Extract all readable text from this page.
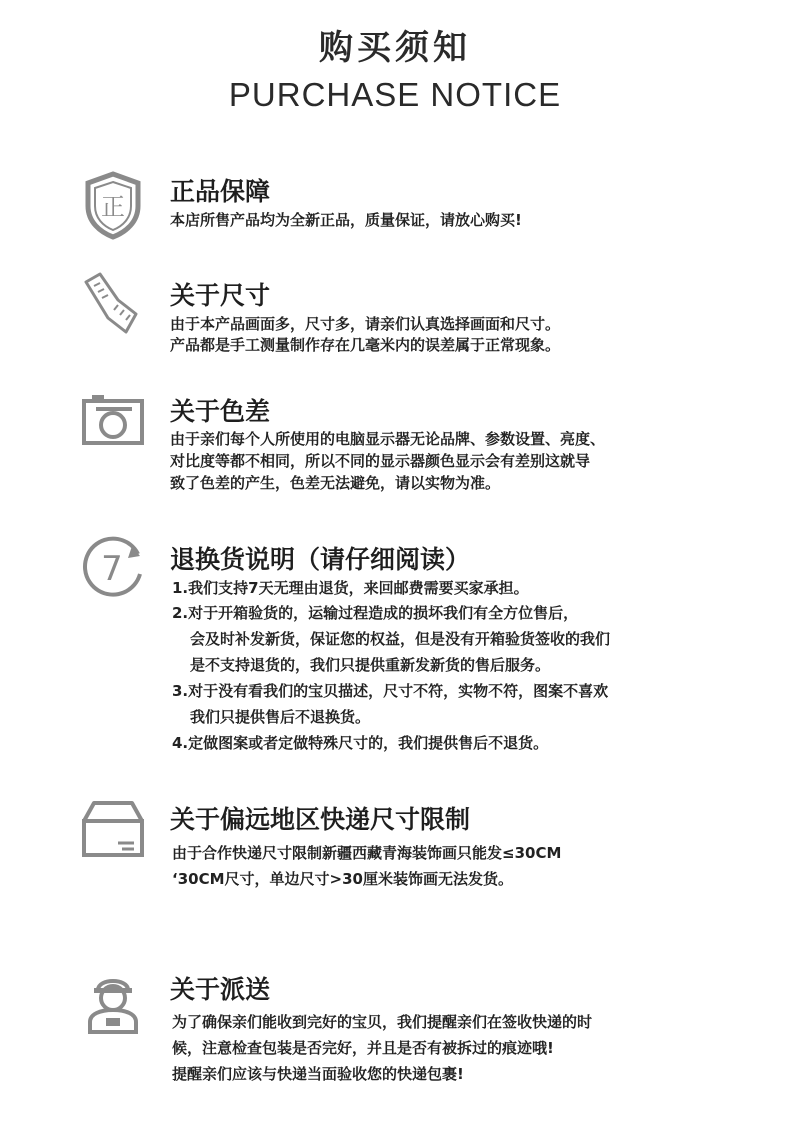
购买须知
PURCHASE NOTICE
正
正品保障
本店所售产品均为全新正品，质量保证，请放心购买!
关于尺寸
由于本产品画面多，尺寸多，请亲们认真选择画面和尺寸。
产品都是手工测量制作存在几毫米内的误差属于正常现象。
关于色差
由于亲们每个人所使用的电脑显示器无论品牌、参数设置、亮度、
对比度等都不相同，所以不同的显示器颜色显示会有差别这就导
致了色差的产生，色差无法避免，请以实物为准。
7 退换货说明（请仔细阅读）
1.我们支持7天无理由退货，来回邮费需要买家承担。
2.对于开箱验货的，运输过程造成的损坏我们有全方位售后，
会及时补发新货，保证您的权益，但是没有开箱验货签收的我们
是不支持退货的，我们只提供重新发新货的售后服务。
3.对于没有看我们的宝贝描述，尺寸不符，实物不符，图案不喜欢
我们只提供售后不退换货。
4.定做图案或者定做特殊尺寸的，我们提供售后不退货。
关于偏远地区快递尺寸限制
由于合作快递尺寸限制新疆西藏青海装饰画只能发≤30CM
‘30CM尺寸，单边尺寸>30厘米装饰画无法发货。
关于派送
为了确保亲们能收到完好的宝贝，我们提醒亲们在签收快递的时
候，注意检查包装是否完好，并且是否有被拆过的痕迹哦!
提醒亲们应该与快递当面验收您的快递包裹!
